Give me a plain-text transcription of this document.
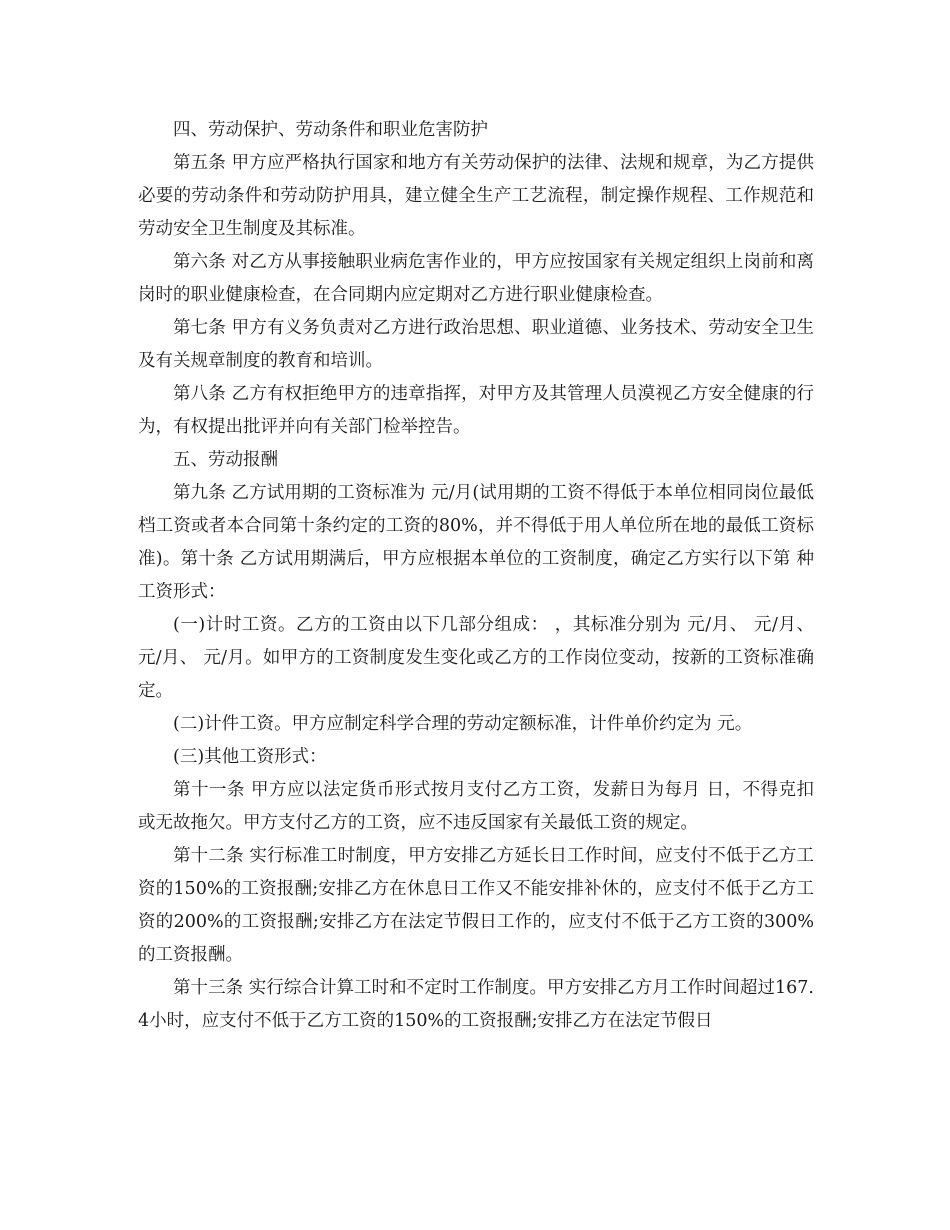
四、劳动保护、劳动条件和职业危害防护

第五条 甲方应严格执行国家和地方有关劳动保护的法律、法规和规章，为乙方提供必要的劳动条件和劳动防护用具，建立健全生产工艺流程，制定操作规程、工作规范和劳动安全卫生制度及其标准。

第六条 对乙方从事接触职业病危害作业的，甲方应按国家有关规定组织上岗前和离岗时的职业健康检查，在合同期内应定期对乙方进行职业健康检查。

第七条 甲方有义务负责对乙方进行政治思想、职业道德、业务技术、劳动安全卫生及有关规章制度的教育和培训。

第八条 乙方有权拒绝甲方的违章指挥，对甲方及其管理人员漠视乙方安全健康的行为，有权提出批评并向有关部门检举控告。

五、劳动报酬

第九条 乙方试用期的工资标准为 元/月(试用期的工资不得低于本单位相同岗位最低档工资或者本合同第十条约定的工资的80%，并不得低于用人单位所在地的最低工资标准)。第十条 乙方试用期满后，甲方应根据本单位的工资制度，确定乙方实行以下第 种工资形式：

(一)计时工资。乙方的工资由以下几部分组成： ，其标准分别为 元/月、 元/月、 元/月、 元/月。如甲方的工资制度发生变化或乙方的工作岗位变动，按新的工资标准确定。

(二)计件工资。甲方应制定科学合理的劳动定额标准，计件单价约定为 元。

(三)其他工资形式：

第十一条 甲方应以法定货币形式按月支付乙方工资，发薪日为每月 日，不得克扣或无故拖欠。甲方支付乙方的工资，应不违反国家有关最低工资的规定。

第十二条 实行标准工时制度，甲方安排乙方延长日工作时间，应支付不低于乙方工资的150%的工资报酬;安排乙方在休息日工作又不能安排补休的，应支付不低于乙方工资的200%的工资报酬;安排乙方在法定节假日工作的，应支付不低于乙方工资的300%的工资报酬。

第十三条 实行综合计算工时和不定时工作制度。甲方安排乙方月工作时间超过167.4小时，应支付不低于乙方工资的150%的工资报酬;安排乙方在法定节假日
